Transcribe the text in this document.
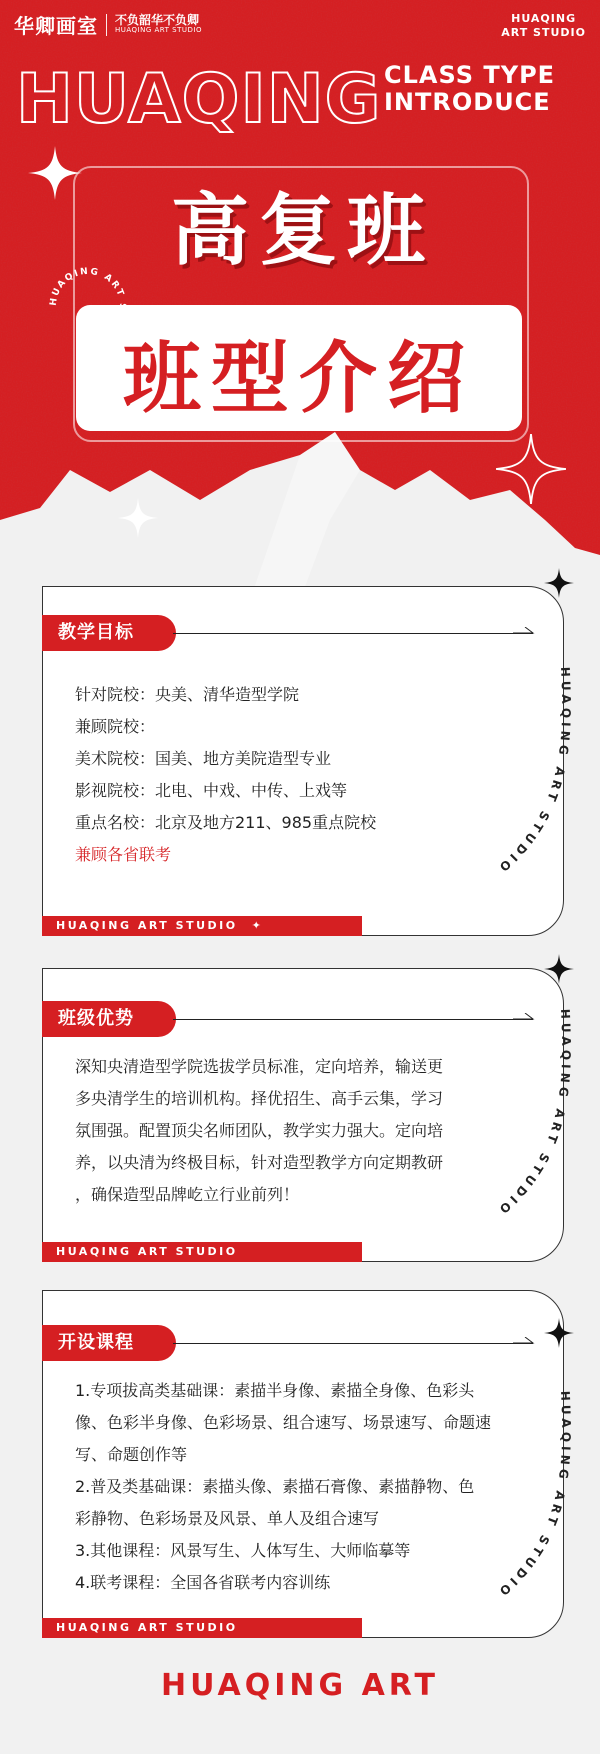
华卿画室 不负韶华不负卿
HUAQING ART STUDIO
HUAQING
ART STUDIO
HUAQING CLASS TYPE
INTRODUCE
高复班
班型介绍
HUAQING ART STUDIO
教学目标

针对院校：央美、清华造型学院

兼顾院校：

美术院校：国美、地方美院造型专业

影视院校：北电、中戏、中传、上戏等

重点名校：北京及地方211、985重点院校

兼顾各省联考

HUAQING ART STUDIO ✦
HUAQING ART STUDIO
班级优势

深知央清造型学院选拔学员标准，定向培养，输送更

多央清学生的培训机构。择优招生、高手云集，学习

氛围强。配置顶尖名师团队，教学实力强大。定向培

养，以央清为终极目标，针对造型教学方向定期教研

，确保造型品牌屹立行业前列！

HUAQING ART STUDIO
HUAQING ART STUDIO
开设课程

1.专项拔高类基础课：素描半身像、素描全身像、色彩头

像、色彩半身像、色彩场景、组合速写、场景速写、命题速

写、命题创作等

2.普及类基础课：素描头像、素描石膏像、素描静物、色

彩静物、色彩场景及风景、单人及组合速写

3.其他课程：风景写生、人体写生、大师临摹等

4.联考课程：全国各省联考内容训练

HUAQING ART STUDIO
HUAQING ART STUDIO
HUAQING ART
